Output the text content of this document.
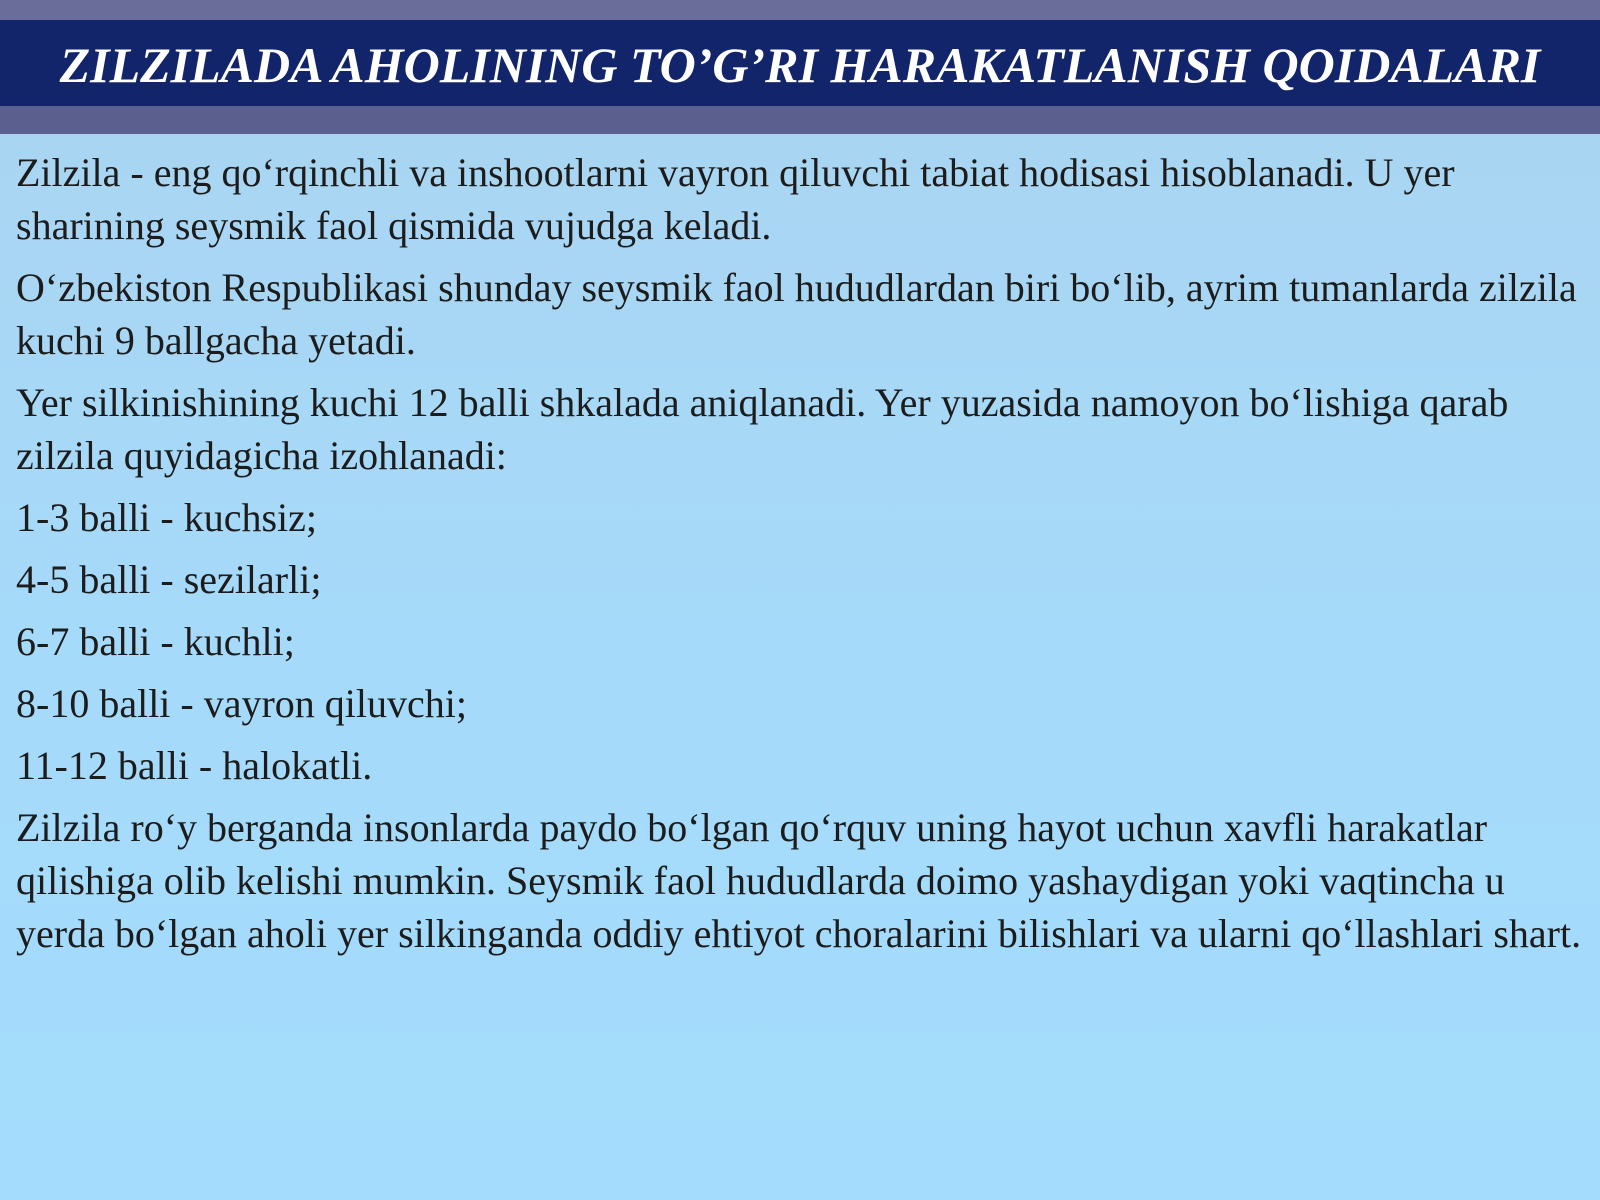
ZILZILADA AHOLINING TO’G’RI HARAKATLANISH QOIDALARI

Zilzila - eng qo‘rqinchli va inshootlarni vayron qiluvchi tabiat hodisasi hisoblanadi. U yer sharining seysmik faol qismida vujudga keladi.

O‘zbekiston Respublikasi shunday seysmik faol hududlardan biri bo‘lib, ayrim tumanlarda zilzila kuchi 9 ballgacha yetadi.

Yer silkinishining kuchi 12 balli shkalada aniqlanadi. Yer yuzasida namoyon bo‘lishiga qarab zilzila quyidagicha izohlanadi:

1-3 balli - kuchsiz;

4-5 balli - sezilarli;

6-7 balli - kuchli;

8-10 balli - vayron qiluvchi;

11-12 balli - halokatli.

Zilzila ro‘y berganda insonlarda paydo bo‘lgan qo‘rquv uning hayot uchun xavfli harakatlar qilishiga olib kelishi mumkin. Seysmik faol hududlarda doimo yashaydigan yoki vaqtincha u yerda bo‘lgan aholi yer silkinganda oddiy ehtiyot choralarini bilishlari va ularni qo‘llashlari shart.
